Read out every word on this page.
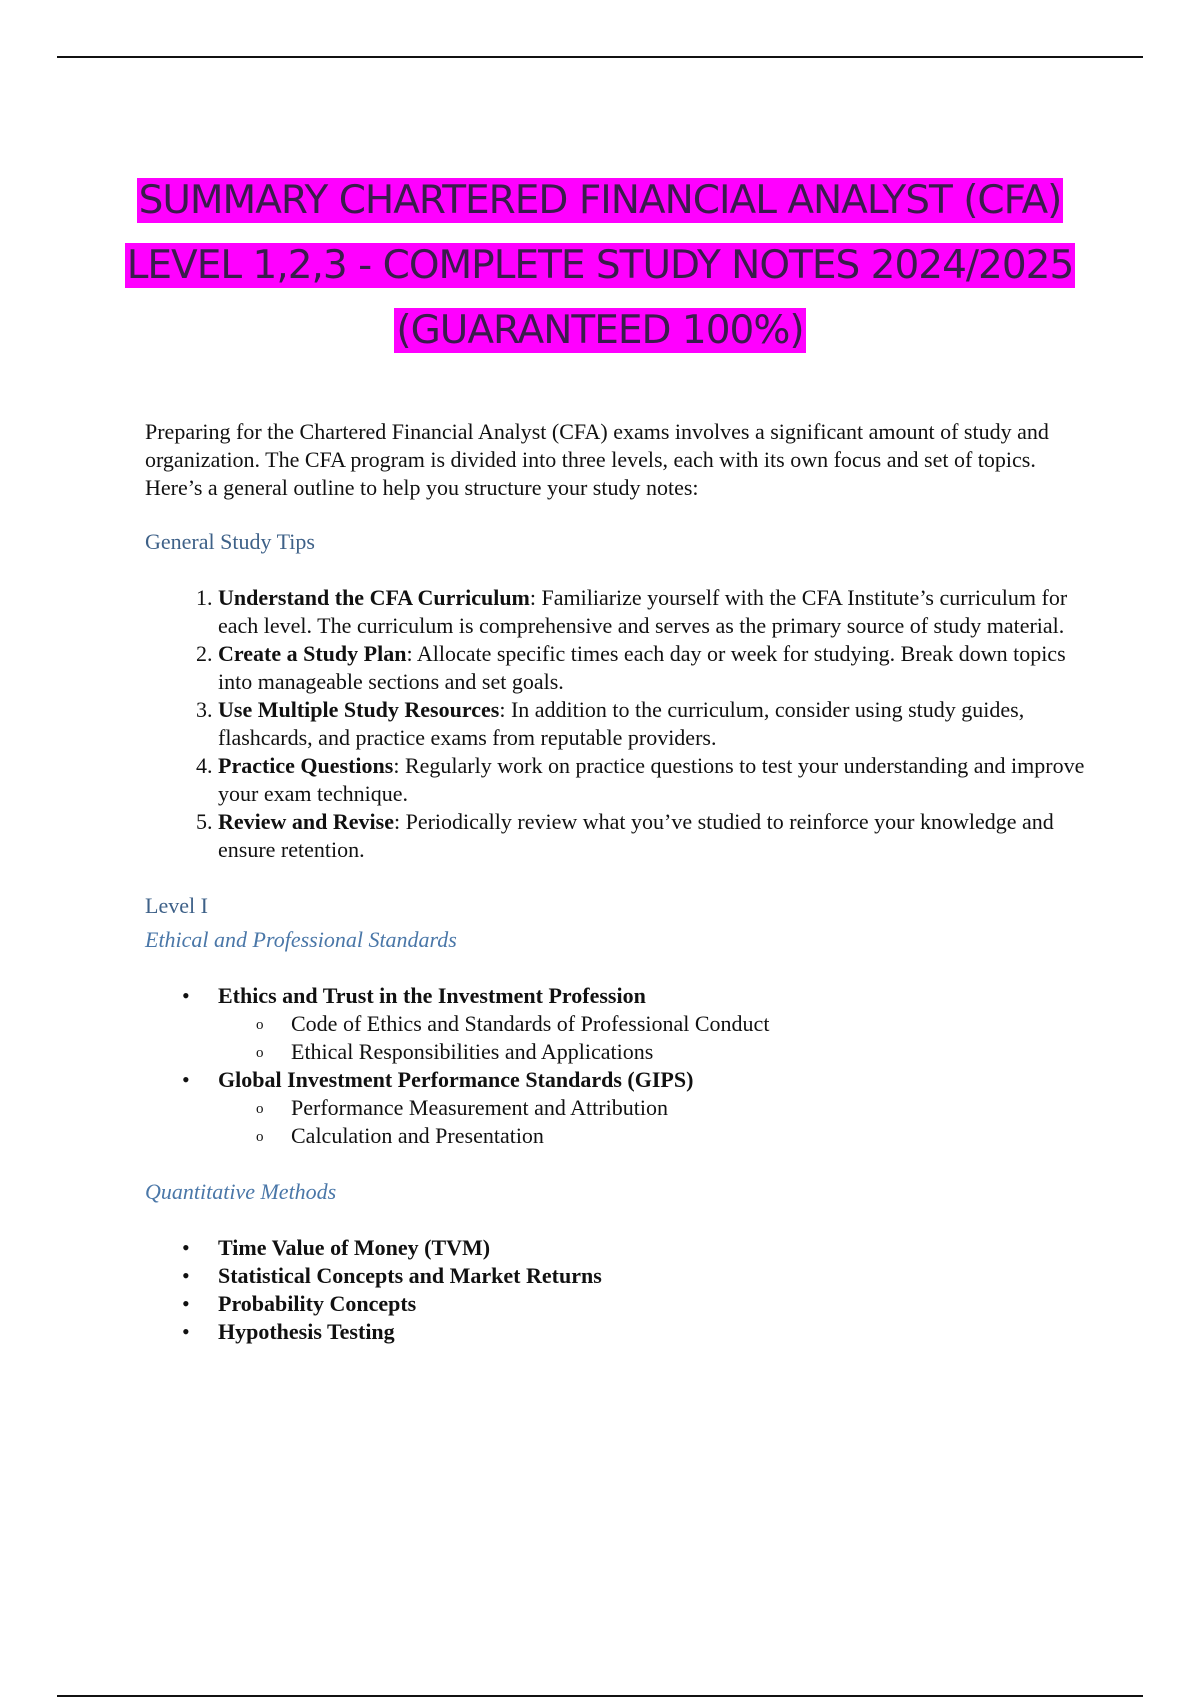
SUMMARY CHARTERED FINANCIAL ANALYST (CFA) LEVEL 1,2,3 - COMPLETE STUDY NOTES 2024/2025 (GUARANTEED 100%)

Preparing for the Chartered Financial Analyst (CFA) exams involves a significant amount of study and organization. The CFA program is divided into three levels, each with its own focus and set of topics. Here’s a general outline to help you structure your study notes:

General Study Tips
1. Understand the CFA Curriculum: Familiarize yourself with the CFA Institute’s curriculum for each level. The curriculum is comprehensive and serves as the primary source of study material.
2. Create a Study Plan: Allocate specific times each day or week for studying. Break down topics into manageable sections and set goals.
3. Use Multiple Study Resources: In addition to the curriculum, consider using study guides, flashcards, and practice exams from reputable providers.
4. Practice Questions: Regularly work on practice questions to test your understanding and improve your exam technique.
5. Review and Revise: Periodically review what you’ve studied to reinforce your knowledge and ensure retention.
Level I
Ethical and Professional Standards
• Ethics and Trust in the Investment Profession
o Code of Ethics and Standards of Professional Conduct
o Ethical Responsibilities and Applications
• Global Investment Performance Standards (GIPS)
o Performance Measurement and Attribution
o Calculation and Presentation
Quantitative Methods
• Time Value of Money (TVM)
• Statistical Concepts and Market Returns
• Probability Concepts
• Hypothesis Testing
